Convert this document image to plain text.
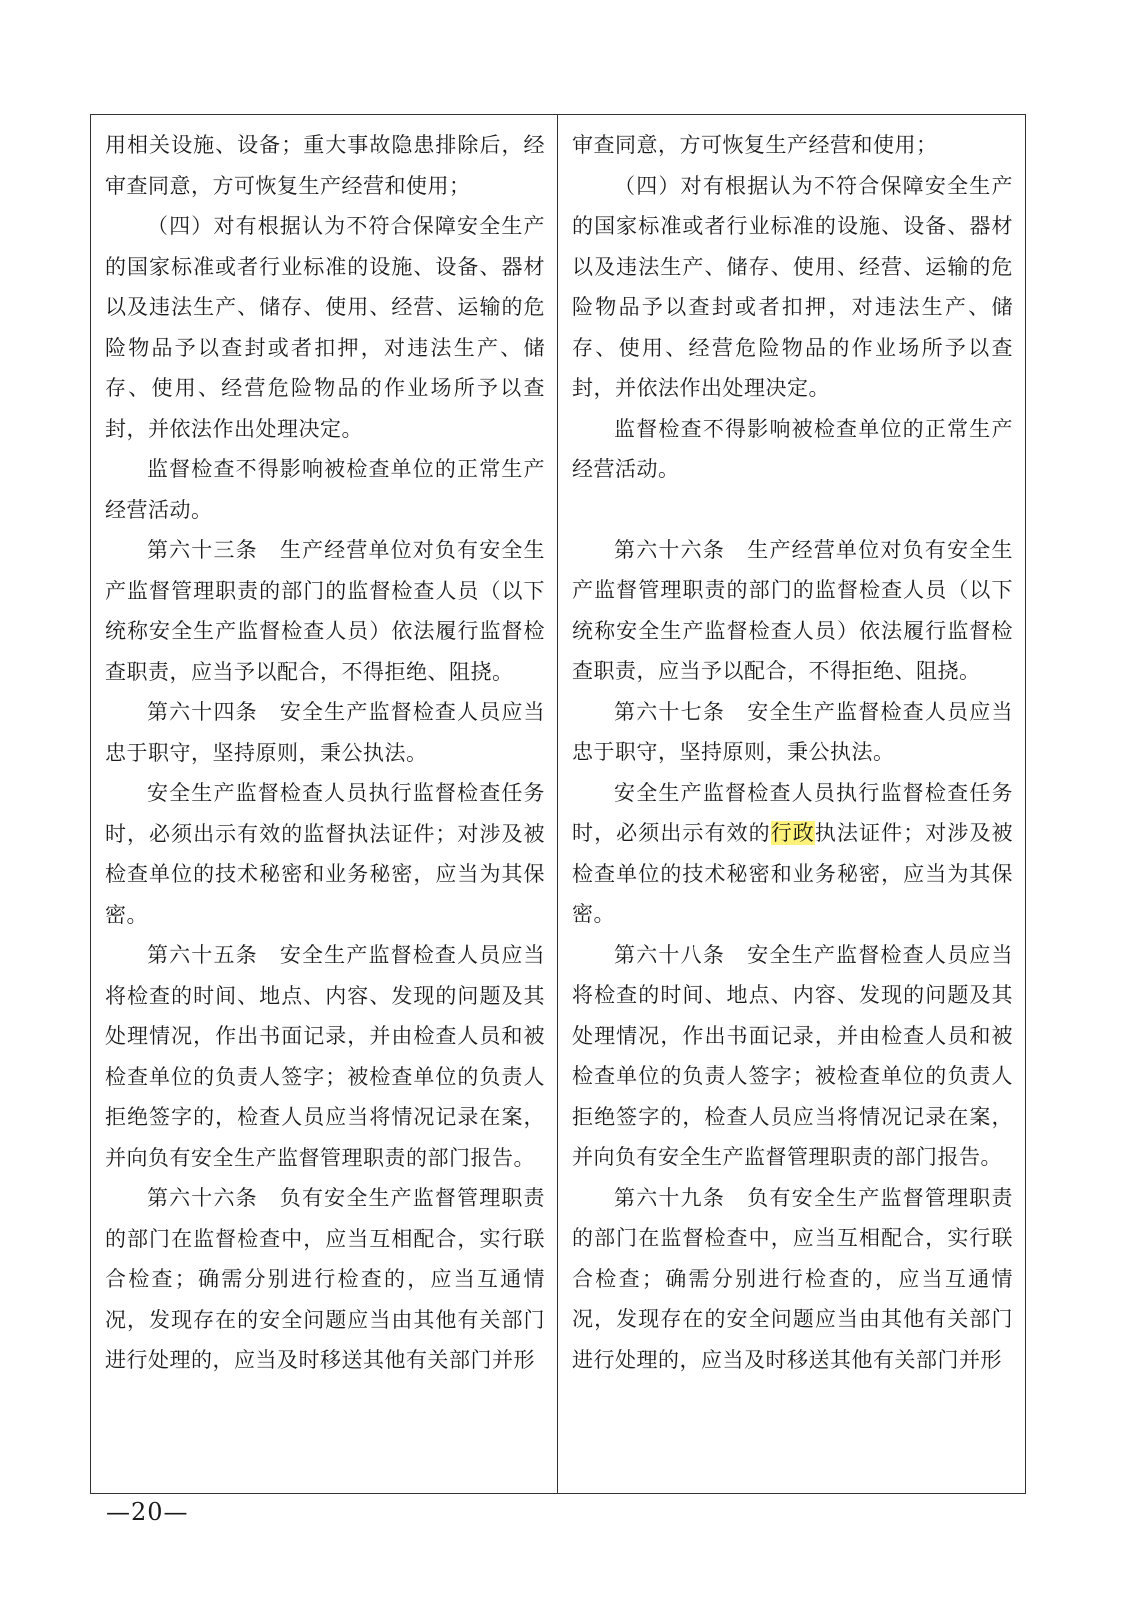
用相关设施、设备；重大事故隐患排除后，经审查同意，方可恢复生产经营和使用；

（四）对有根据认为不符合保障安全生产的国家标准或者行业标准的设施、设备、器材以及违法生产、储存、使用、经营、运输的危险物品予以查封或者扣押，对违法生产、储存、使用、经营危险物品的作业场所予以查封，并依法作出处理决定。

监督检查不得影响被检查单位的正常生产经营活动。

第六十三条　生产经营单位对负有安全生产监督管理职责的部门的监督检查人员（以下统称安全生产监督检查人员）依法履行监督检查职责，应当予以配合，不得拒绝、阻挠。

第六十四条　安全生产监督检查人员应当忠于职守，坚持原则，秉公执法。

安全生产监督检查人员执行监督检查任务时，必须出示有效的监督执法证件；对涉及被检查单位的技术秘密和业务秘密，应当为其保密。

第六十五条　安全生产监督检查人员应当将检查的时间、地点、内容、发现的问题及其处理情况，作出书面记录，并由检查人员和被检查单位的负责人签字；被检查单位的负责人拒绝签字的，检查人员应当将情况记录在案，并向负有安全生产监督管理职责的部门报告。

第六十六条　负有安全生产监督管理职责的部门在监督检查中，应当互相配合，实行联合检查；确需分别进行检查的，应当互通情况，发现存在的安全问题应当由其他有关部门进行处理的，应当及时移送其他有关部门并形

审查同意，方可恢复生产经营和使用；

（四）对有根据认为不符合保障安全生产的国家标准或者行业标准的设施、设备、器材以及违法生产、储存、使用、经营、运输的危险物品予以查封或者扣押，对违法生产、储存、使用、经营危险物品的作业场所予以查封，并依法作出处理决定。

监督检查不得影响被检查单位的正常生产经营活动。

第六十六条　生产经营单位对负有安全生产监督管理职责的部门的监督检查人员（以下统称安全生产监督检查人员）依法履行监督检查职责，应当予以配合，不得拒绝、阻挠。

第六十七条　安全生产监督检查人员应当忠于职守，坚持原则，秉公执法。

安全生产监督检查人员执行监督检查任务时，必须出示有效的行政执法证件；对涉及被检查单位的技术秘密和业务秘密，应当为其保密。

第六十八条　安全生产监督检查人员应当将检查的时间、地点、内容、发现的问题及其处理情况，作出书面记录，并由检查人员和被检查单位的负责人签字；被检查单位的负责人拒绝签字的，检查人员应当将情况记录在案，并向负有安全生产监督管理职责的部门报告。

第六十九条　负有安全生产监督管理职责的部门在监督检查中，应当互相配合，实行联合检查；确需分别进行检查的，应当互通情况，发现存在的安全问题应当由其他有关部门进行处理的，应当及时移送其他有关部门并形

—20—
